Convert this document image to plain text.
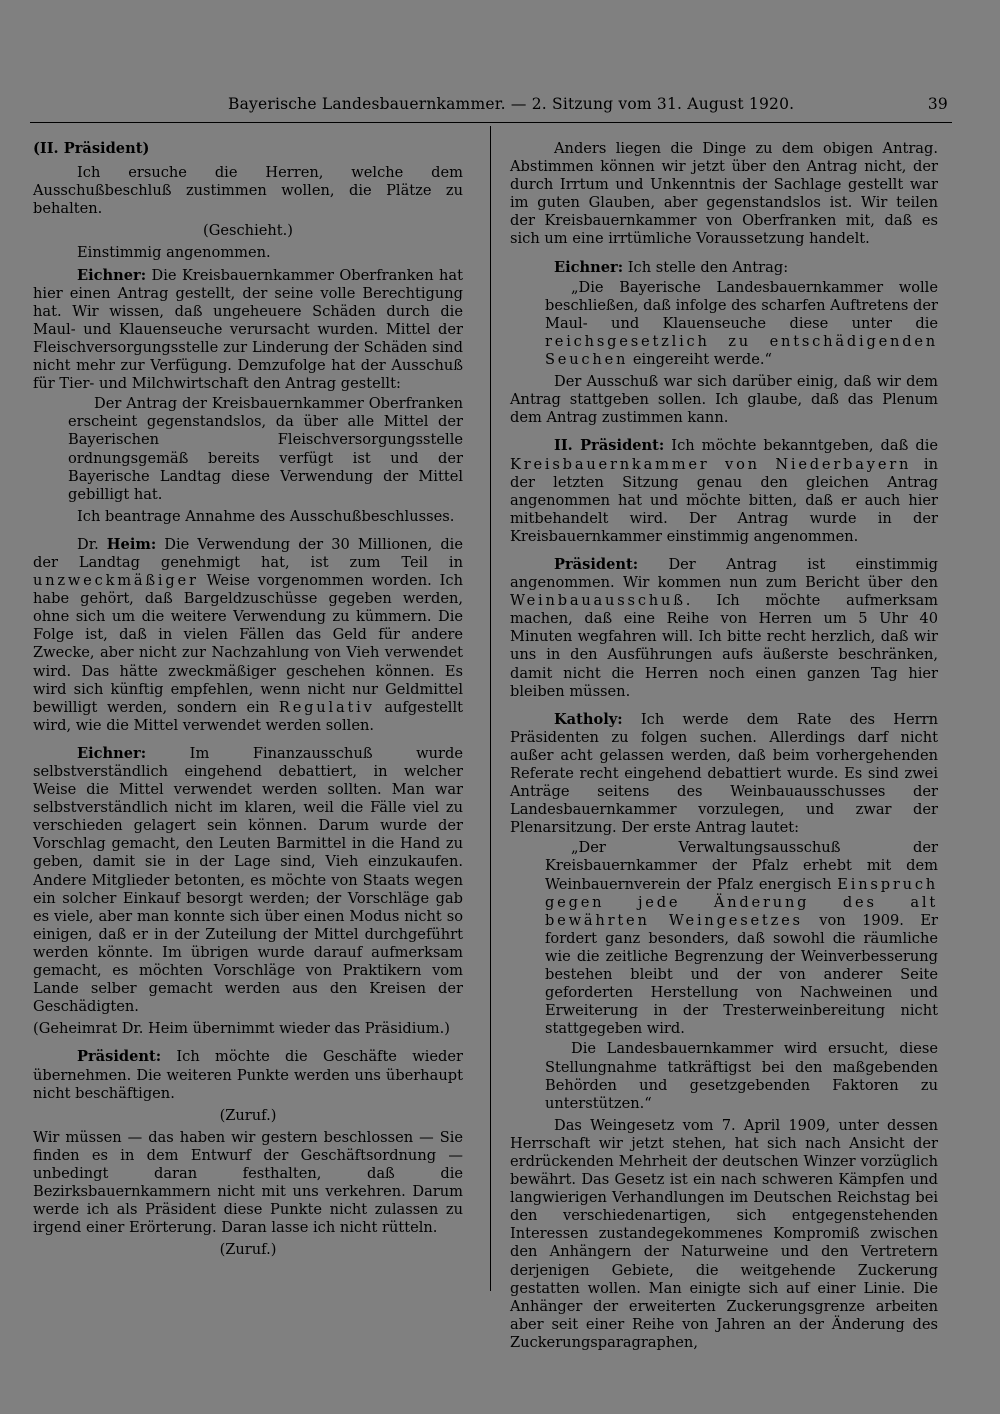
Bayerische Landesbauernkammer. — 2. Sitzung vom 31. August 1920.	39

(II. Präsident)

Ich ersuche die Herren, welche dem Ausschußbeschluß zustimmen wollen, die Plätze zu behalten.

(Geschieht.)

Einstimmig angenommen.

Eichner: Die Kreisbauernkammer Oberfranken hat hier einen Antrag gestellt, der seine volle Berechtigung hat. Wir wissen, daß ungeheuere Schäden durch die Maul- und Klauenseuche verursacht wurden. Mittel der Fleischversorgungsstelle zur Linderung der Schäden sind nicht mehr zur Verfügung. Demzufolge hat der Ausschuß für Tier- und Milchwirtschaft den Antrag gestellt:

Der Antrag der Kreisbauernkammer Oberfranken erscheint gegenstandslos, da über alle Mittel der Bayerischen Fleischversorgungsstelle ordnungsgemäß bereits verfügt ist und der Bayerische Landtag diese Verwendung der Mittel gebilligt hat.

Ich beantrage Annahme des Ausschußbeschlusses.

Dr. Heim: Die Verwendung der 30 Millionen, die der Landtag genehmigt hat, ist zum Teil in unzweckmäßiger Weise vorgenommen worden. Ich habe gehört, daß Bargeldzuschüsse gegeben werden, ohne sich um die weitere Verwendung zu kümmern. Die Folge ist, daß in vielen Fällen das Geld für andere Zwecke, aber nicht zur Nachzahlung von Vieh verwendet wird. Das hätte zweckmäßiger geschehen können. Es wird sich künftig empfehlen, wenn nicht nur Geldmittel bewilligt werden, sondern ein Regulativ aufgestellt wird, wie die Mittel verwendet werden sollen.

Eichner: Im Finanzausschuß wurde selbstverständlich eingehend debattiert, in welcher Weise die Mittel verwendet werden sollten. Man war selbstverständlich nicht im klaren, weil die Fälle viel zu verschieden gelagert sein können. Darum wurde der Vorschlag gemacht, den Leuten Barmittel in die Hand zu geben, damit sie in der Lage sind, Vieh einzukaufen. Andere Mitglieder betonten, es möchte von Staats wegen ein solcher Einkauf besorgt werden; der Vorschläge gab es viele, aber man konnte sich über einen Modus nicht so einigen, daß er in der Zuteilung der Mittel durchgeführt werden könnte. Im übrigen wurde darauf aufmerksam gemacht, es möchten Vorschläge von Praktikern vom Lande selber gemacht werden aus den Kreisen der Geschädigten.

(Geheimrat Dr. Heim übernimmt wieder das Präsidium.)

Präsident: Ich möchte die Geschäfte wieder übernehmen. Die weiteren Punkte werden uns überhaupt nicht beschäftigen.

(Zuruf.)

Wir müssen — das haben wir gestern beschlossen — Sie finden es in dem Entwurf der Geschäftsordnung — unbedingt daran festhalten, daß die Bezirksbauernkammern nicht mit uns verkehren. Darum werde ich als Präsident diese Punkte nicht zulassen zu irgend einer Erörterung. Daran lasse ich nicht rütteln.

(Zuruf.)

Anders liegen die Dinge zu dem obigen Antrag. Abstimmen können wir jetzt über den Antrag nicht, der durch Irrtum und Unkenntnis der Sachlage gestellt war im guten Glauben, aber gegenstandslos ist. Wir teilen der Kreisbauernkammer von Oberfranken mit, daß es sich um eine irrtümliche Voraussetzung handelt.

Eichner: Ich stelle den Antrag:

„Die Bayerische Landesbauernkammer wolle beschließen, daß infolge des scharfen Auftretens der Maul- und Klauenseuche diese unter die reichsgesetzlich zu entschädigenden Seuchen eingereiht werde.“

Der Ausschuß war sich darüber einig, daß wir dem Antrag stattgeben sollen. Ich glaube, daß das Plenum dem Antrag zustimmen kann.

II. Präsident: Ich möchte bekanntgeben, daß die Kreisbauernkammer von Niederbayern in der letzten Sitzung genau den gleichen Antrag angenommen hat und möchte bitten, daß er auch hier mitbehandelt wird. Der Antrag wurde in der Kreisbauernkammer einstimmig angenommen.

Präsident: Der Antrag ist einstimmig angenommen. Wir kommen nun zum Bericht über den Weinbauausschuß. Ich möchte aufmerksam machen, daß eine Reihe von Herren um 5 Uhr 40 Minuten wegfahren will. Ich bitte recht herzlich, daß wir uns in den Ausführungen aufs äußerste beschränken, damit nicht die Herren noch einen ganzen Tag hier bleiben müssen.

Katholy: Ich werde dem Rate des Herrn Präsidenten zu folgen suchen. Allerdings darf nicht außer acht gelassen werden, daß beim vorhergehenden Referate recht eingehend debattiert wurde. Es sind zwei Anträge seitens des Weinbauausschusses der Landesbauernkammer vorzulegen, und zwar der Plenarsitzung. Der erste Antrag lautet:

„Der Verwaltungsausschuß der Kreisbauernkammer der Pfalz erhebt mit dem Weinbauernverein der Pfalz energisch Einspruch gegen jede Änderung des alt bewährten Weingesetzes von 1909. Er fordert ganz besonders, daß sowohl die räumliche wie die zeitliche Begrenzung der Weinverbesserung bestehen bleibt und der von anderer Seite geforderten Herstellung von Nachweinen und Erweiterung in der Tresterweinbereitung nicht stattgegeben wird.

Die Landesbauernkammer wird ersucht, diese Stellungnahme tatkräftigst bei den maßgebenden Behörden und gesetzgebenden Faktoren zu unterstützen.“

Das Weingesetz vom 7. April 1909, unter dessen Herrschaft wir jetzt stehen, hat sich nach Ansicht der erdrückenden Mehrheit der deutschen Winzer vorzüglich bewährt. Das Gesetz ist ein nach schweren Kämpfen und langwierigen Verhandlungen im Deutschen Reichstag bei den verschiedenartigen, sich entgegenstehenden Interessen zustandegekommenes Kompromiß zwischen den Anhängern der Naturweine und den Vertretern derjenigen Gebiete, die weitgehende Zuckerung gestatten wollen. Man einigte sich auf einer Linie. Die Anhänger der erweiterten Zuckerungsgrenze arbeiten aber seit einer Reihe von Jahren an der Änderung des Zuckerungsparagraphen,
